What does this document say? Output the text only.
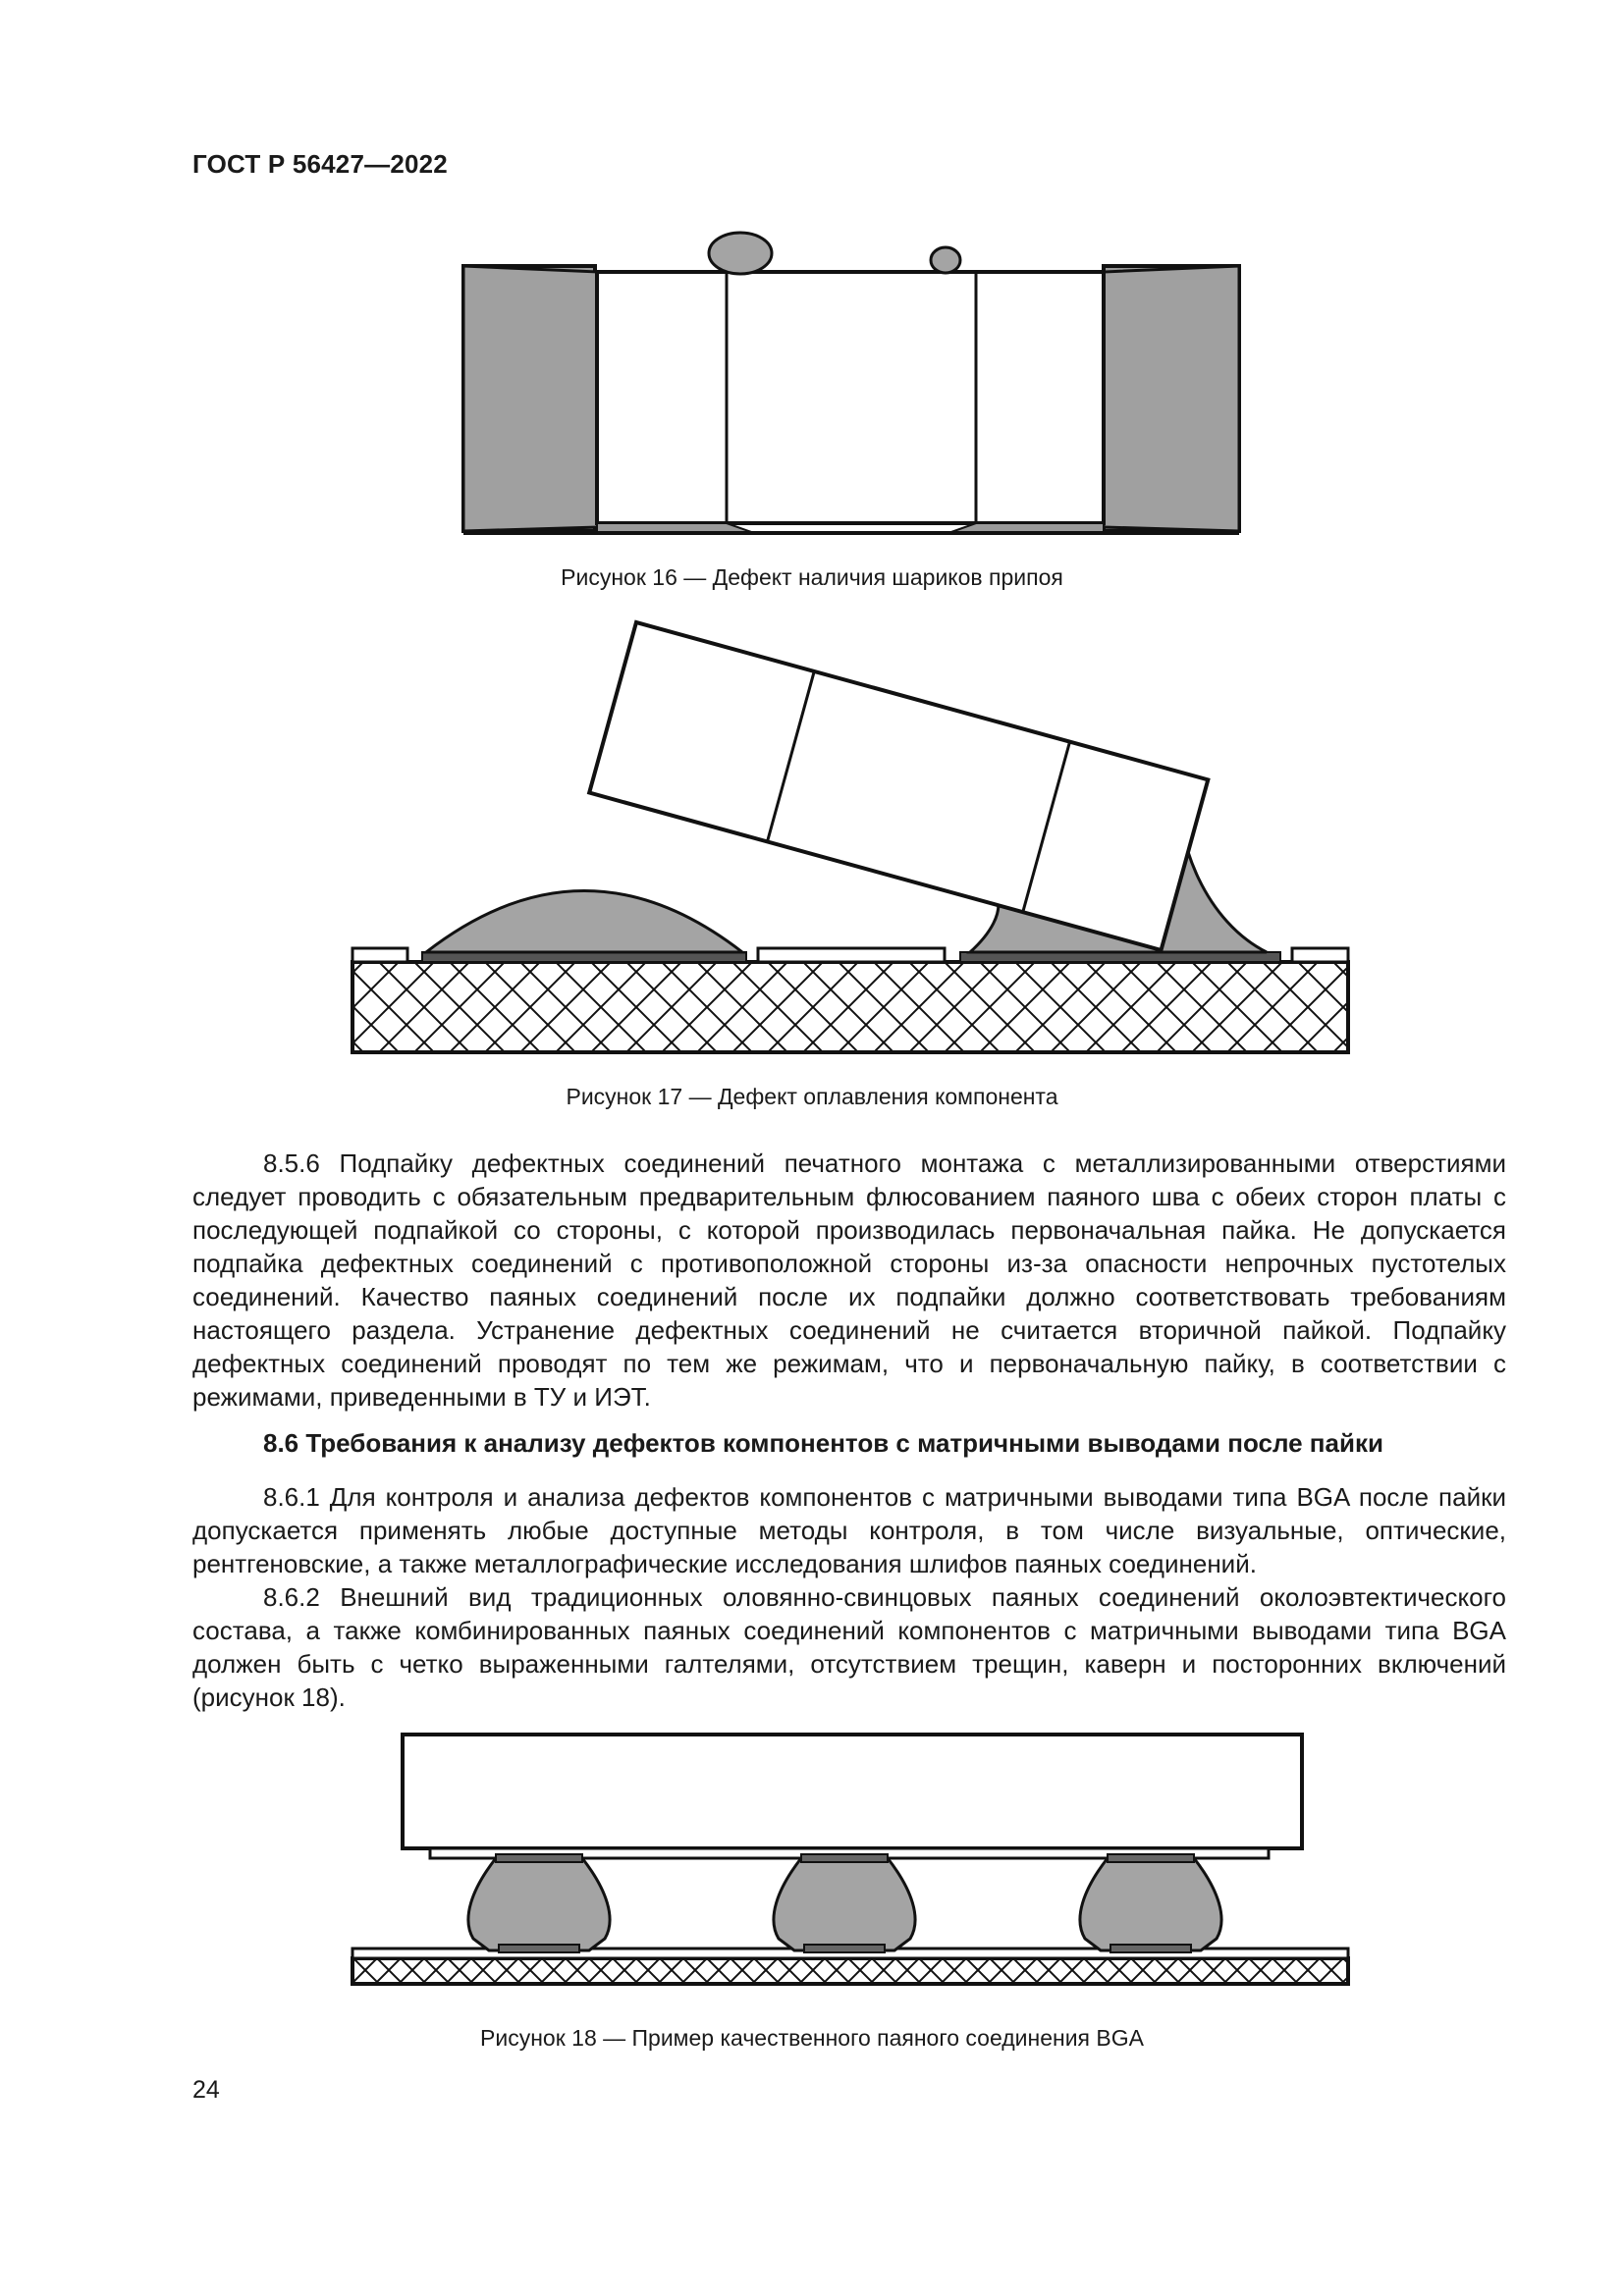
ГОСТ Р 56427—2022
Рисунок 16 — Дефект наличия шариков припоя
Рисунок 17 — Дефект оплавления компонента

8.5.6 Подпайку дефектных соединений печатного монтажа с металлизированными отверстиями следует проводить с обязательным предварительным флюсованием паяного шва с обеих сторон платы с последующей подпайкой со стороны, с которой производилась первоначальная пайка. Не допускается подпайка дефектных соединений с противоположной стороны из-за опасности непрочных пустотелых соединений. Качество паяных соединений после их подпайки должно соответствовать требованиям настоящего раздела. Устранение дефектных соединений не считается вторичной пайкой. Подпайку дефектных соединений проводят по тем же режимам, что и первоначальную пайку, в соответствии с режимами, приведенными в ТУ и ИЭТ.

8.6 Требования к анализу дефектов компонентов с матричными выводами после пайки

8.6.1 Для контроля и анализа дефектов компонентов с матричными выводами типа BGA после пайки допускается применять любые доступные методы контроля, в том числе визуальные, оптические, рентгеновские, а также металлографические исследования шлифов паяных соединений.

8.6.2 Внешний вид традиционных оловянно-свинцовых паяных соединений околоэвтектического состава, а также комбинированных паяных соединений компонентов с матричными выводами типа BGA должен быть с четко выраженными галтелями, отсутствием трещин, каверн и посторонних включений (рисунок 18).

Рисунок 18 — Пример качественного паяного соединения BGA
24
